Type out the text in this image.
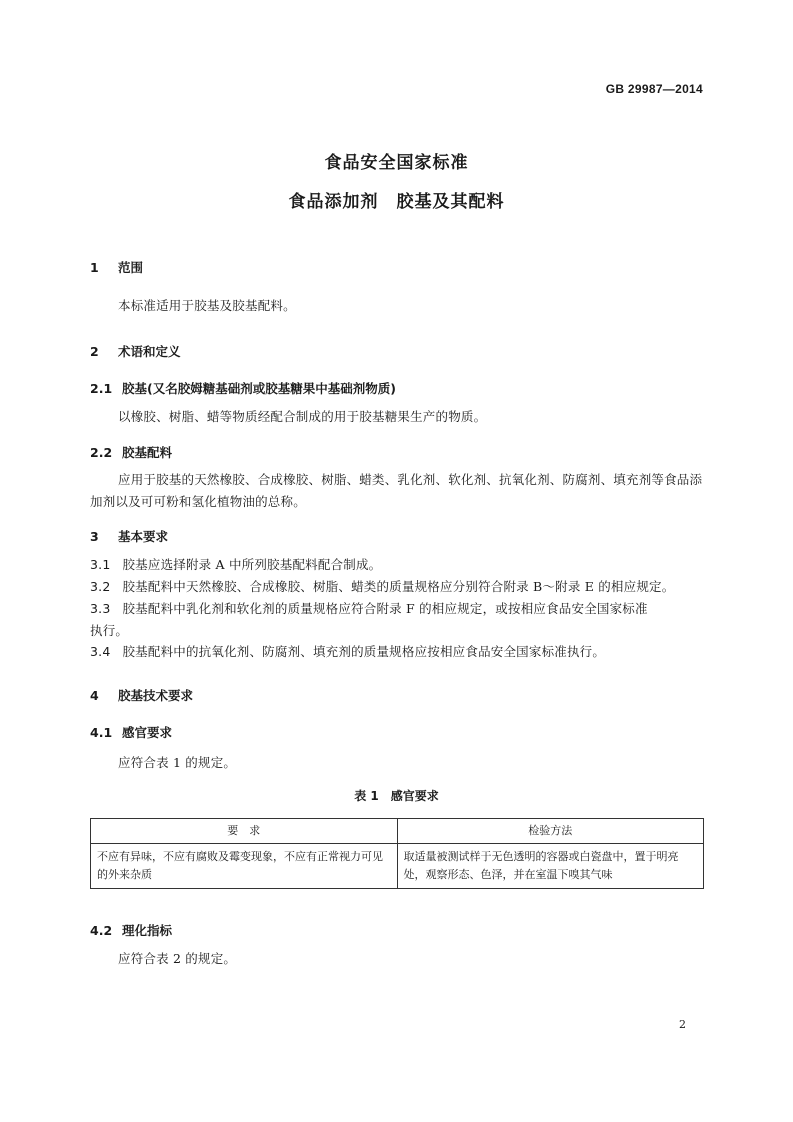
GB 29987—2014
食品安全国家标准
食品添加剂　胶基及其配料
1 范围
本标准适用于胶基及胶基配料。
2 术语和定义
2.1 胶基(又名胶姆糖基础剂或胶基糖果中基础剂物质)
以橡胶、树脂、蜡等物质经配合制成的用于胶基糖果生产的物质。
2.2 胶基配料
应用于胶基的天然橡胶、合成橡胶、树脂、蜡类、乳化剂、软化剂、抗氧化剂、防腐剂、填充剂等食品添
加剂以及可可粉和氢化植物油的总称。
3 基本要求
3.1 胶基应选择附录 A 中所列胶基配料配合制成。
3.2 胶基配料中天然橡胶、合成橡胶、树脂、蜡类的质量规格应分别符合附录 B～附录 E 的相应规定。
3.3 胶基配料中乳化剂和软化剂的质量规格应符合附录 F 的相应规定，或按相应食品安全国家标准
执行。
3.4 胶基配料中的抗氧化剂、防腐剂、填充剂的质量规格应按相应食品安全国家标准执行。
4 胶基技术要求
4.1 感官要求
应符合表 1 的规定。
表 1　感官要求
要　求	检验方法
不应有异味，不应有腐败及霉变现象，不应有正常视力可见的外来杂质	取适量被测试样于无色透明的容器或白瓷盘中，置于明亮处，观察形态、色泽，并在室温下嗅其气味
4.2 理化指标
应符合表 2 的规定。
2
